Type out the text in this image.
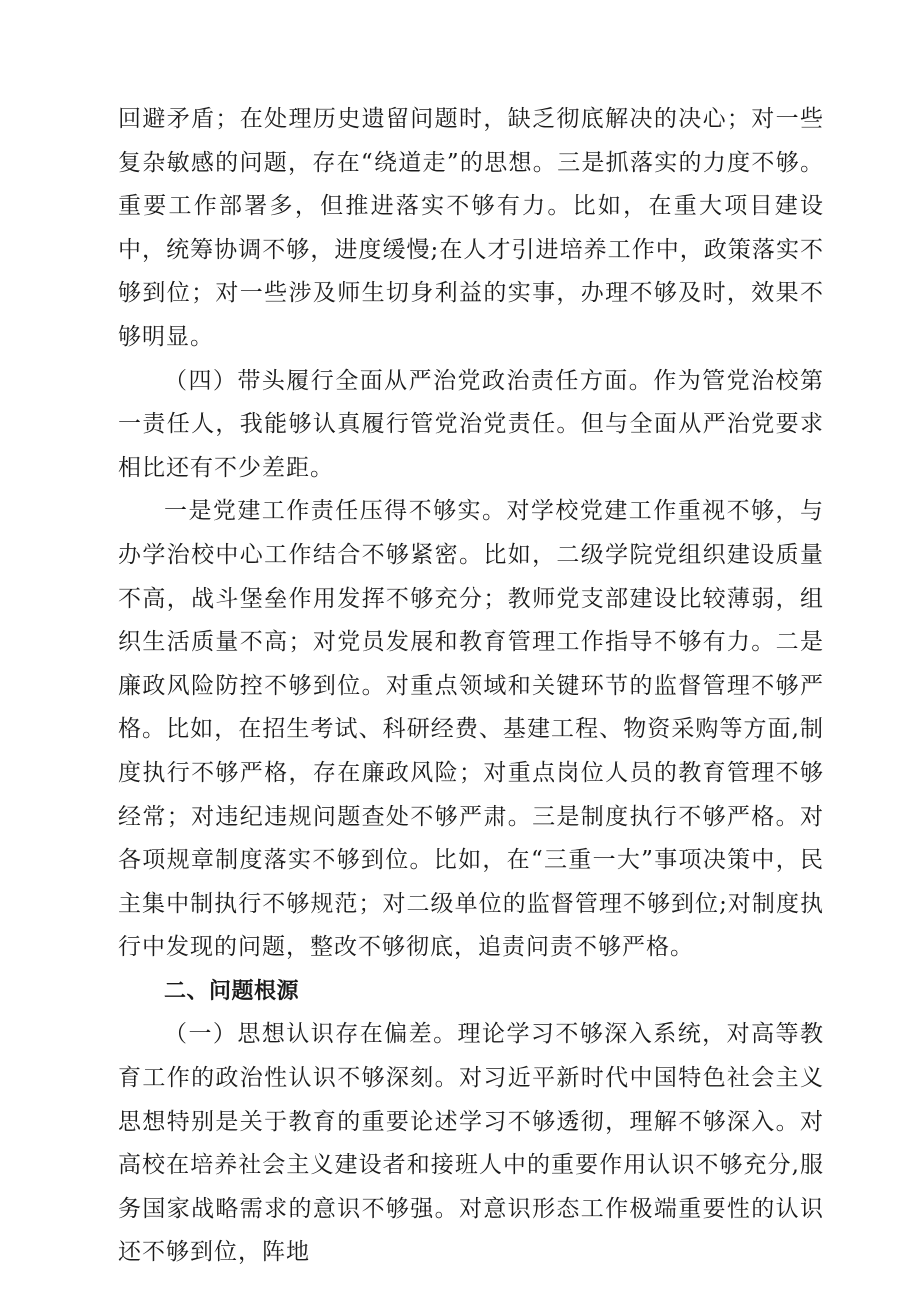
回避矛盾；在处理历史遗留问题时，缺乏彻底解决的决心；对一些复杂敏感的问题，存在“绕道走”的思想。三是抓落实的力度不够。重要工作部署多，但推进落实不够有力。比如，在重大项目建设中，统筹协调不够，进度缓慢;在人才引进培养工作中，政策落实不够到位；对一些涉及师生切身利益的实事，办理不够及时，效果不够明显。

（四）带头履行全面从严治党政治责任方面。作为管党治校第一责任人，我能够认真履行管党治党责任。但与全面从严治党要求相比还有不少差距。

一是党建工作责任压得不够实。对学校党建工作重视不够，与办学治校中心工作结合不够紧密。比如，二级学院党组织建设质量不高，战斗堡垒作用发挥不够充分；教师党支部建设比较薄弱，组织生活质量不高；对党员发展和教育管理工作指导不够有力。二是廉政风险防控不够到位。对重点领域和关键环节的监督管理不够严格。比如，在招生考试、科研经费、基建工程、物资采购等方面,制度执行不够严格，存在廉政风险；对重点岗位人员的教育管理不够经常；对违纪违规问题查处不够严肃。三是制度执行不够严格。对各项规章制度落实不够到位。比如，在“三重一大”事项决策中，民主集中制执行不够规范；对二级单位的监督管理不够到位;对制度执行中发现的问题，整改不够彻底，追责问责不够严格。

二、问题根源

（一）思想认识存在偏差。理论学习不够深入系统，对高等教育工作的政治性认识不够深刻。对习近平新时代中国特色社会主义思想特别是关于教育的重要论述学习不够透彻，理解不够深入。对高校在培养社会主义建设者和接班人中的重要作用认识不够充分,服务国家战略需求的意识不够强。对意识形态工作极端重要性的认识还不够到位，阵地
